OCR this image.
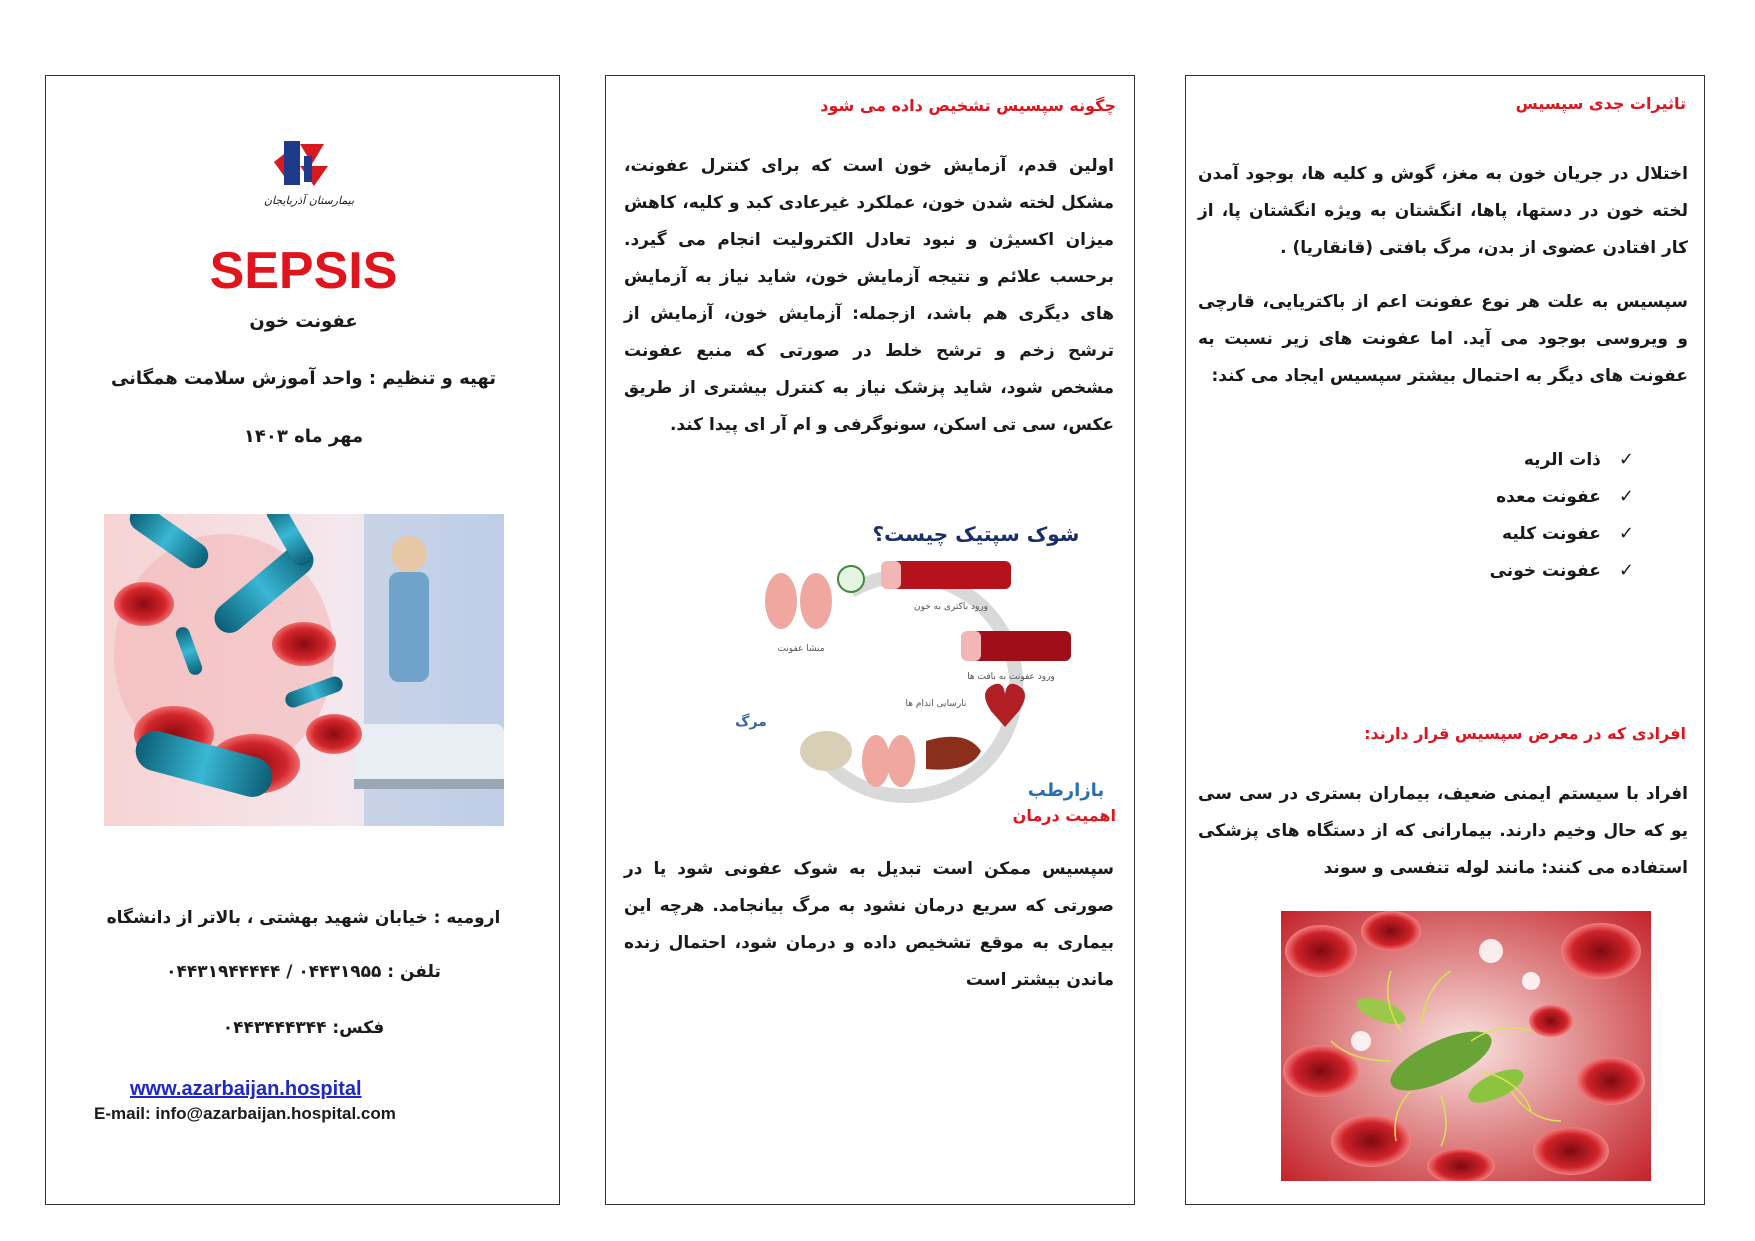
بیمارستان آذربایجان
SEPSIS
عفونت خون
تهیه و تنظیم : واحد آموزش سلامت همگانی
مهر ماه ۱۴۰۳
ارومیه : خیابان شهید بهشتی ، بالاتر از دانشگاه
تلفن : ۰۴۴۳۱۹۵۵ / ۰۴۴۳۱۹۴۴۴۴۴
فکس: ۰۴۴۳۴۴۴۳۴۴
www.azarbaijan.hospital
E-mail: info@azarbaijan.hospital.com
چگونه سپسیس تشخیص داده می شود
اولین قدم، آزمایش خون است که برای کنترل عفونت، مشکل لخته شدن خون، عملکرد غیرعادی کبد و کلیه، کاهش میزان اکسیژن و نبود تعادل الکترولیت انجام می گیرد. برحسب علائم و نتیجه آزمایش خون، شاید نیاز به آزمایش های دیگری هم باشد، ازجمله: آزمایش خون، آزمایش از ترشح زخم و ترشح خلط در صورتی که منبع عفونت مشخص شود، شاید پزشک نیاز به کنترل بیشتری از طریق عکس، سی تی اسکن، سونوگرفی و ام آر ای پیدا کند.
شوک سپتیک چیست؟
منشا عفونت
ورود باکتری به خون
ورود عفونت به بافت ها
نارسایی اندام ها
مرگ
بازارطب
اهمیت درمان
سپسیس ممکن است تبدیل به شوک عفونی شود یا در صورتی که سریع درمان نشود به مرگ بیانجامد. هرچه این بیماری به موقع تشخیص داده و درمان شود، احتمال زنده ماندن بیشتر است
تاثیرات جدی سپسیس
اختلال در جریان خون به مغز، گوش و کلیه ها، بوجود آمدن لخته خون در دستها، پاها، انگشتان به ویژه انگشتان پا، از کار افتادن عضوی از بدن، مرگ بافتی (قانقاریا) .
سپسیس به علت هر نوع عفونت اعم از باکتریایی، قارچی و ویروسی بوجود می آید. اما عفونت های زیر نسبت به عفونت های دیگر به احتمال بیشتر سپسیس ایجاد می کند:
✓
ذات الریه
✓
عفونت معده
✓
عفونت کلیه
✓
عفونت خونی
افرادی که در معرض سپسیس قرار دارند:
افراد با سیستم ایمنی ضعیف، بیماران بستری در سی سی یو که حال وخیم دارند. بیمارانی که از دستگاه های پزشکی استفاده می کنند: مانند لوله تنفسی و سوند
